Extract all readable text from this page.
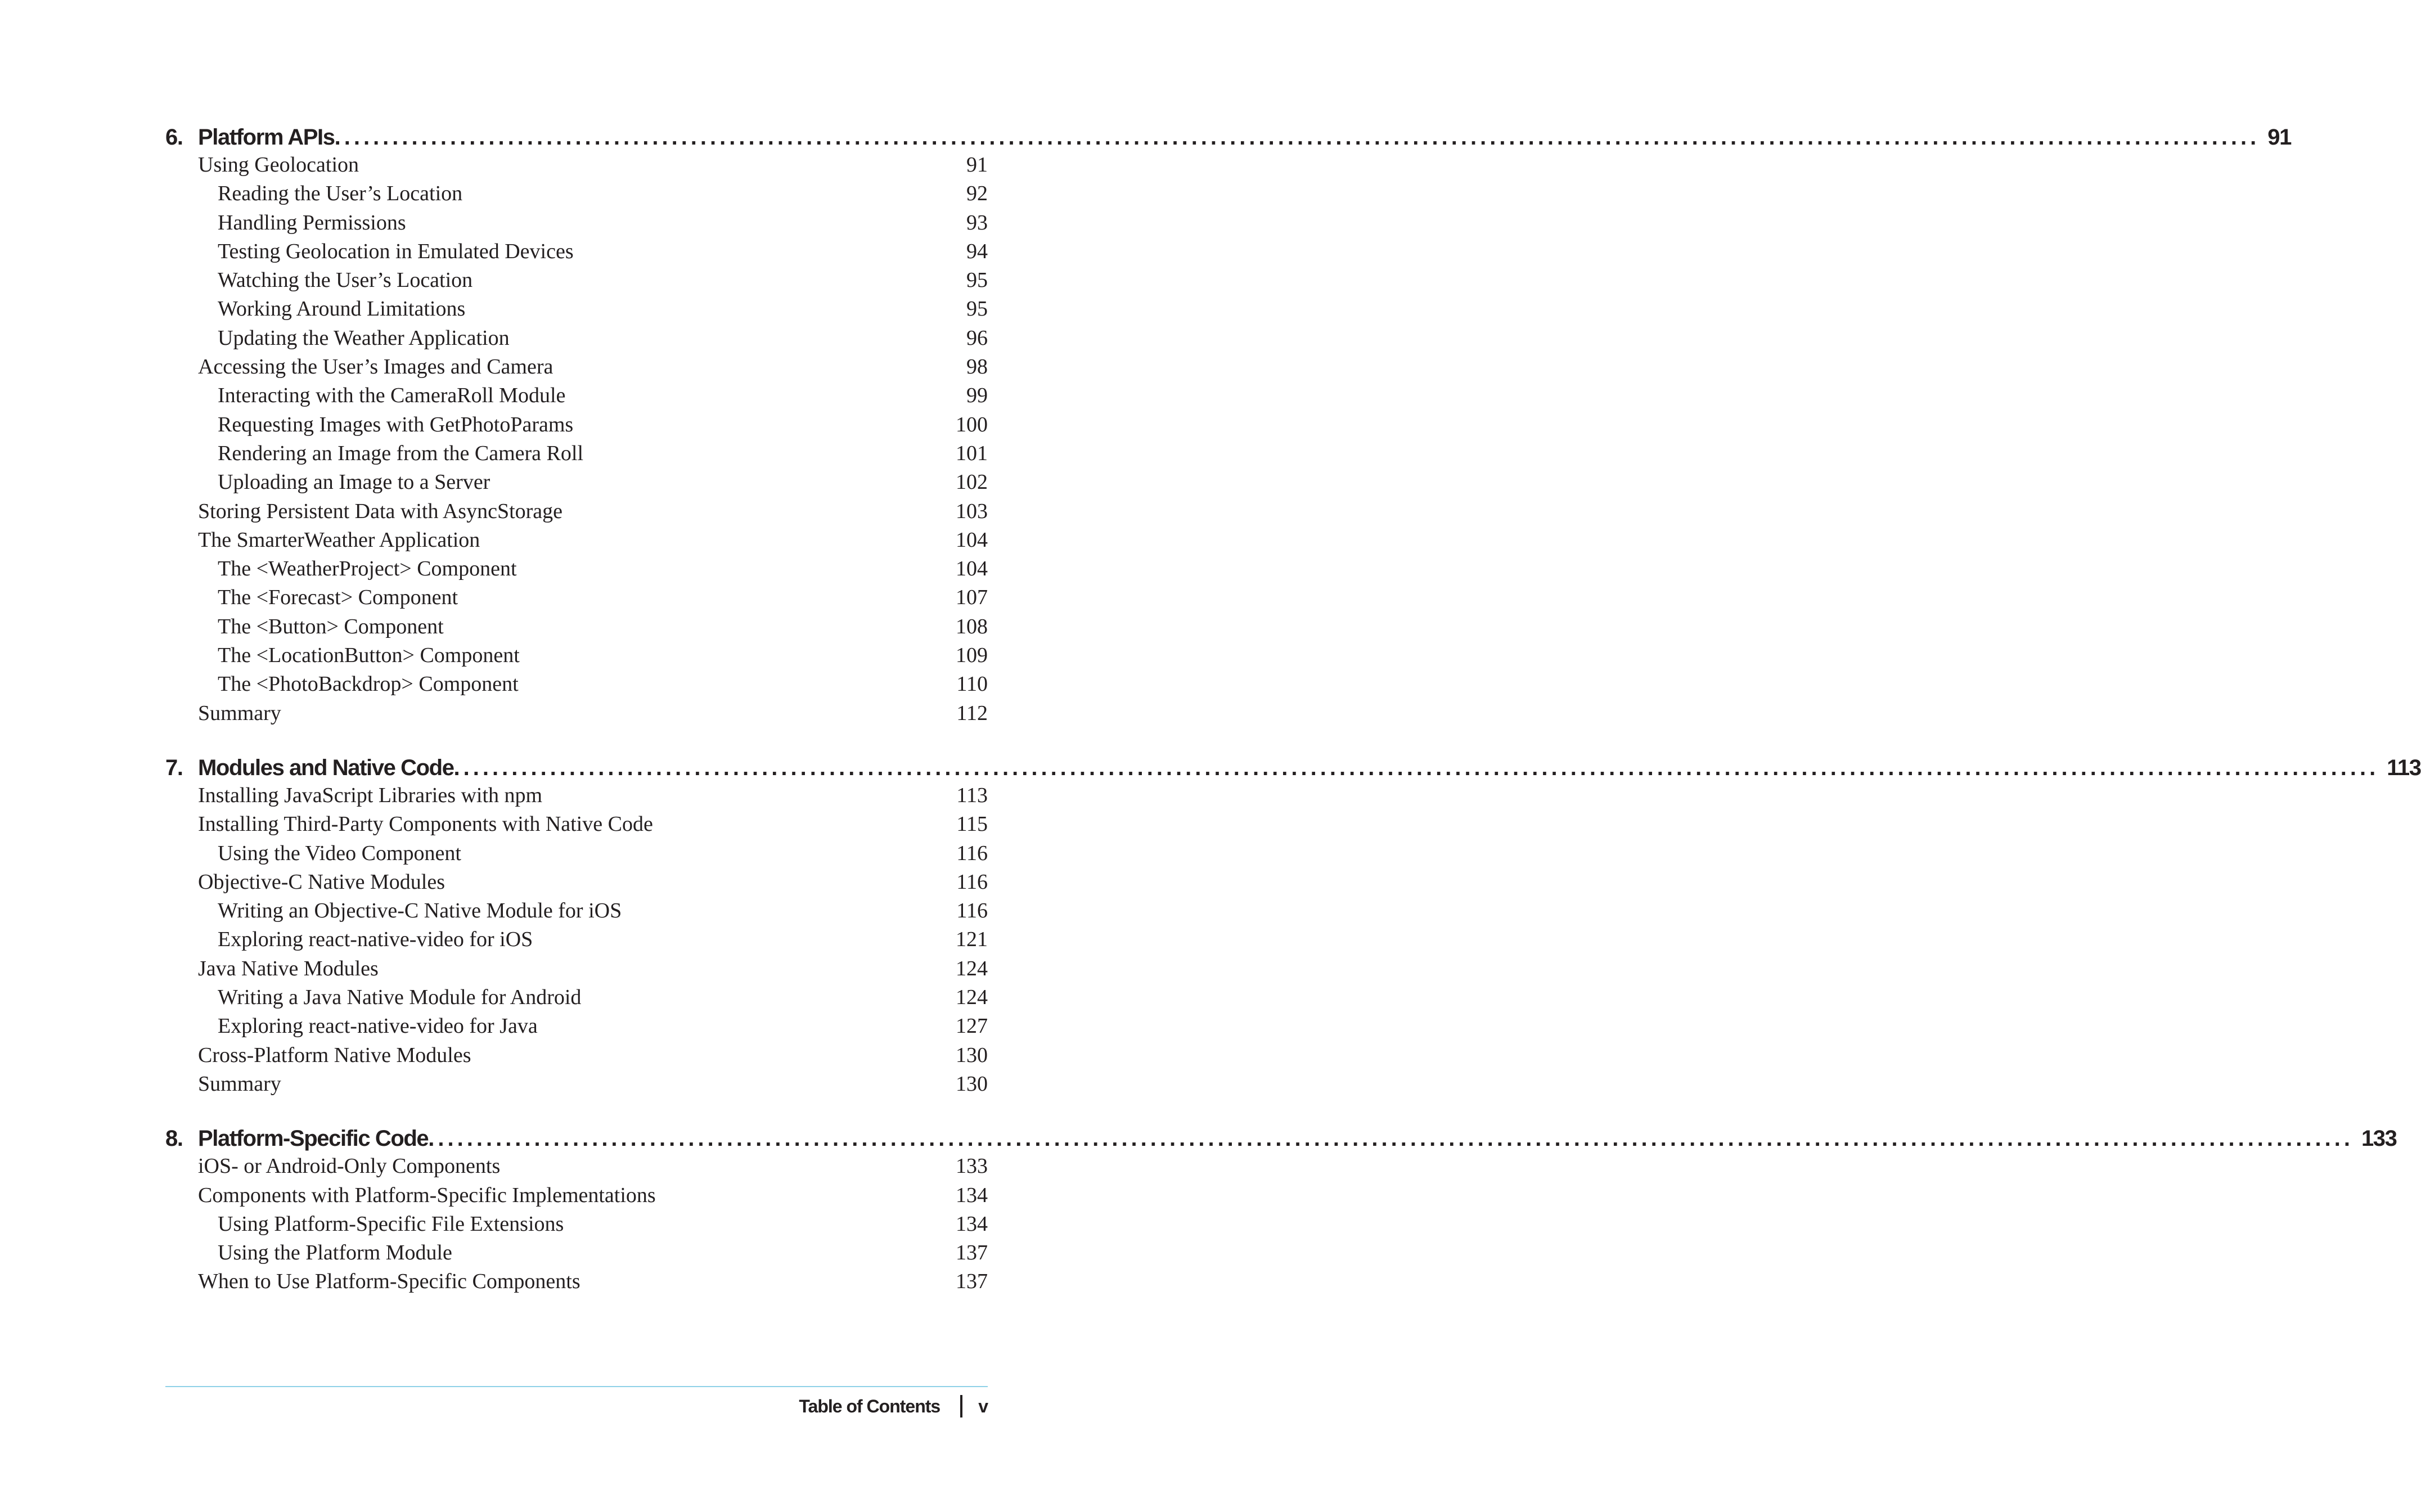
6. Platform APIs ........................................................................................................................................................................................................ 91
Using Geolocation	91
Reading the User’s Location	92
Handling Permissions	93
Testing Geolocation in Emulated Devices	94
Watching the User’s Location	95
Working Around Limitations	95
Updating the Weather Application	96
Accessing the User’s Images and Camera	98
Interacting with the CameraRoll Module	99
Requesting Images with GetPhotoParams	100
Rendering an Image from the Camera Roll	101
Uploading an Image to a Server	102
Storing Persistent Data with AsyncStorage	103
The SmarterWeather Application	104
The <WeatherProject> Component	104
The <Forecast> Component	107
The <Button> Component	108
The <LocationButton> Component	109
The <PhotoBackdrop> Component	110
Summary	112
7. Modules and Native Code ........................................................................................................................................................................................................ 113
Installing JavaScript Libraries with npm	113
Installing Third-Party Components with Native Code	115
Using the Video Component	116
Objective-C Native Modules	116
Writing an Objective-C Native Module for iOS	116
Exploring react-native-video for iOS	121
Java Native Modules	124
Writing a Java Native Module for Android	124
Exploring react-native-video for Java	127
Cross-Platform Native Modules	130
Summary	130
8. Platform-Specific Code ........................................................................................................................................................................................................ 133
iOS- or Android-Only Components	133
Components with Platform-Specific Implementations	134
Using Platform-Specific File Extensions	134
Using the Platform Module	137
When to Use Platform-Specific Components	137
Table of Contents v
